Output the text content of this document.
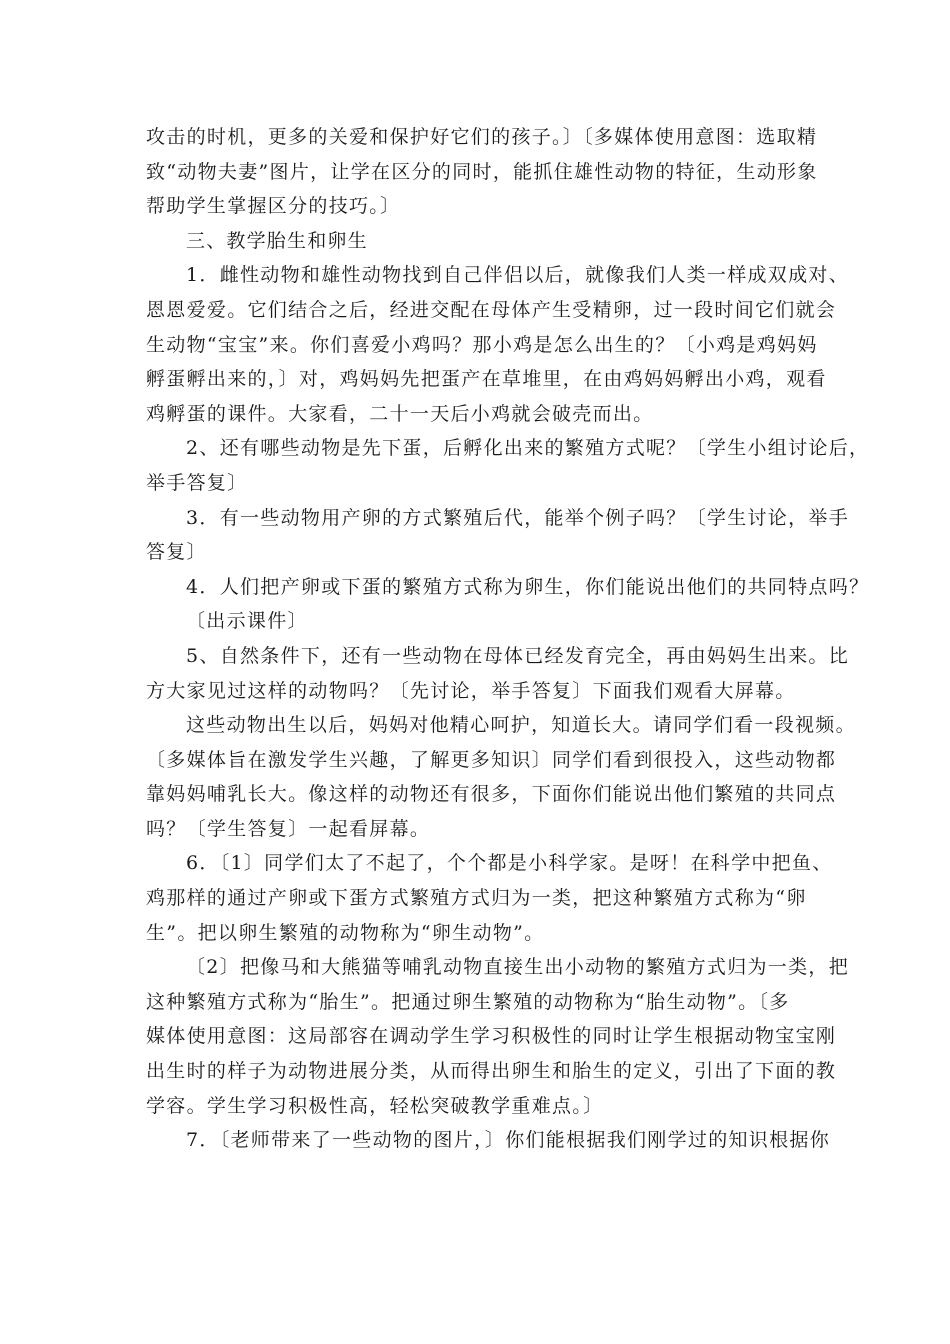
攻击的时机，更多的关爱和保护好它们的孩子。〕〔多媒体使用意图：选取精
致“动物夫妻”图片，让学在区分的同时，能抓住雄性动物的特征，生动形象
帮助学生掌握区分的技巧。〕
三、教学胎生和卵生
1．雌性动物和雄性动物找到自己伴侣以后，就像我们人类一样成双成对、
恩恩爱爱。它们结合之后，经进交配在母体产生受精卵，过一段时间它们就会
生动物“宝宝”来。你们喜爱小鸡吗？那小鸡是怎么出生的？〔小鸡是鸡妈妈
孵蛋孵出来的，〕对，鸡妈妈先把蛋产在草堆里，在由鸡妈妈孵出小鸡，观看
鸡孵蛋的课件。大家看，二十一天后小鸡就会破壳而出。
2、还有哪些动物是先下蛋，后孵化出来的繁殖方式呢？〔学生小组讨论后，
举手答复〕
3．有一些动物用产卵的方式繁殖后代，能举个例子吗？〔学生讨论，举手
答复〕
4．人们把产卵或下蛋的繁殖方式称为卵生，你们能说出他们的共同特点吗？
〔出示课件〕
5、自然条件下，还有一些动物在母体已经发育完全，再由妈妈生出来。比
方大家见过这样的动物吗？〔先讨论，举手答复〕下面我们观看大屏幕。
这些动物出生以后，妈妈对他精心呵护，知道长大。请同学们看一段视频。
〔多媒体旨在激发学生兴趣，了解更多知识〕同学们看到很投入，这些动物都
靠妈妈哺乳长大。像这样的动物还有很多，下面你们能说出他们繁殖的共同点
吗？〔学生答复〕一起看屏幕。
6．〔1〕同学们太了不起了，个个都是小科学家。是呀！在科学中把鱼、
鸡那样的通过产卵或下蛋方式繁殖方式归为一类，把这种繁殖方式称为“卵
生”。把以卵生繁殖的动物称为“卵生动物”。
〔2〕把像马和大熊猫等哺乳动物直接生出小动物的繁殖方式归为一类，把
这种繁殖方式称为“胎生”。把通过卵生繁殖的动物称为“胎生动物”。〔多
媒体使用意图：这局部容在调动学生学习积极性的同时让学生根据动物宝宝刚
出生时的样子为动物进展分类，从而得出卵生和胎生的定义，引出了下面的教
学容。学生学习积极性高，轻松突破教学重难点。〕
7．〔老师带来了一些动物的图片，〕你们能根据我们刚学过的知识根据你
